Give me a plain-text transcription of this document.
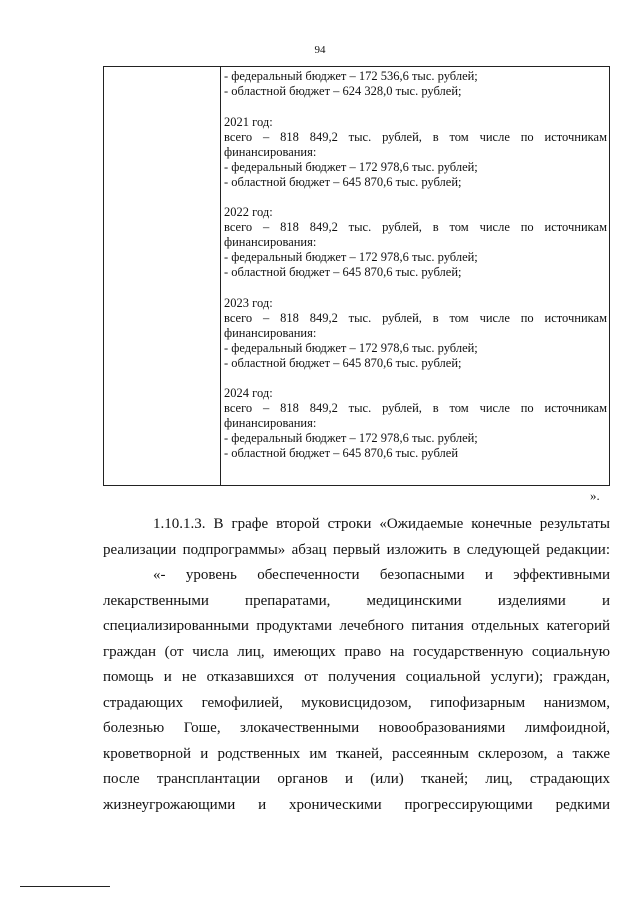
94
- федеральный бюджет – 172 536,6 тыс. рублей;
- областной бюджет – 624 328,0 тыс. рублей;
2021 год:
всего – 818 849,2 тыс. рублей, в том числе по источникам
финансирования:
- федеральный бюджет – 172 978,6 тыс. рублей;
- областной бюджет – 645 870,6 тыс. рублей;
2022 год:
всего – 818 849,2 тыс. рублей, в том числе по источникам
финансирования:
- федеральный бюджет – 172 978,6 тыс. рублей;
- областной бюджет – 645 870,6 тыс. рублей;
2023 год:
всего – 818 849,2 тыс. рублей, в том числе по источникам
финансирования:
- федеральный бюджет – 172 978,6 тыс. рублей;
- областной бюджет – 645 870,6 тыс. рублей;
2024 год:
всего – 818 849,2 тыс. рублей, в том числе по источникам
финансирования:
- федеральный бюджет – 172 978,6 тыс. рублей;
- областной бюджет – 645 870,6 тыс. рублей
».
1.10.1.3. В графе второй строки «Ожидаемые конечные результаты
реализации подпрограммы» абзац первый изложить в следующей редакции:
«- уровень обеспеченности безопасными и эффективными
лекарственными препаратами, медицинскими изделиями и
специализированными продуктами лечебного питания отдельных категорий
граждан (от числа лиц, имеющих право на государственную социальную
помощь и не отказавшихся от получения социальной услуги); граждан,
страдающих гемофилией, муковисцидозом, гипофизарным нанизмом,
болезнью Гоше, злокачественными новообразованиями лимфоидной,
кроветворной и родственных им тканей, рассеянным склерозом, а также
после трансплантации органов и (или) тканей; лиц, страдающих
жизнеугрожающими и хроническими прогрессирующими редкими
